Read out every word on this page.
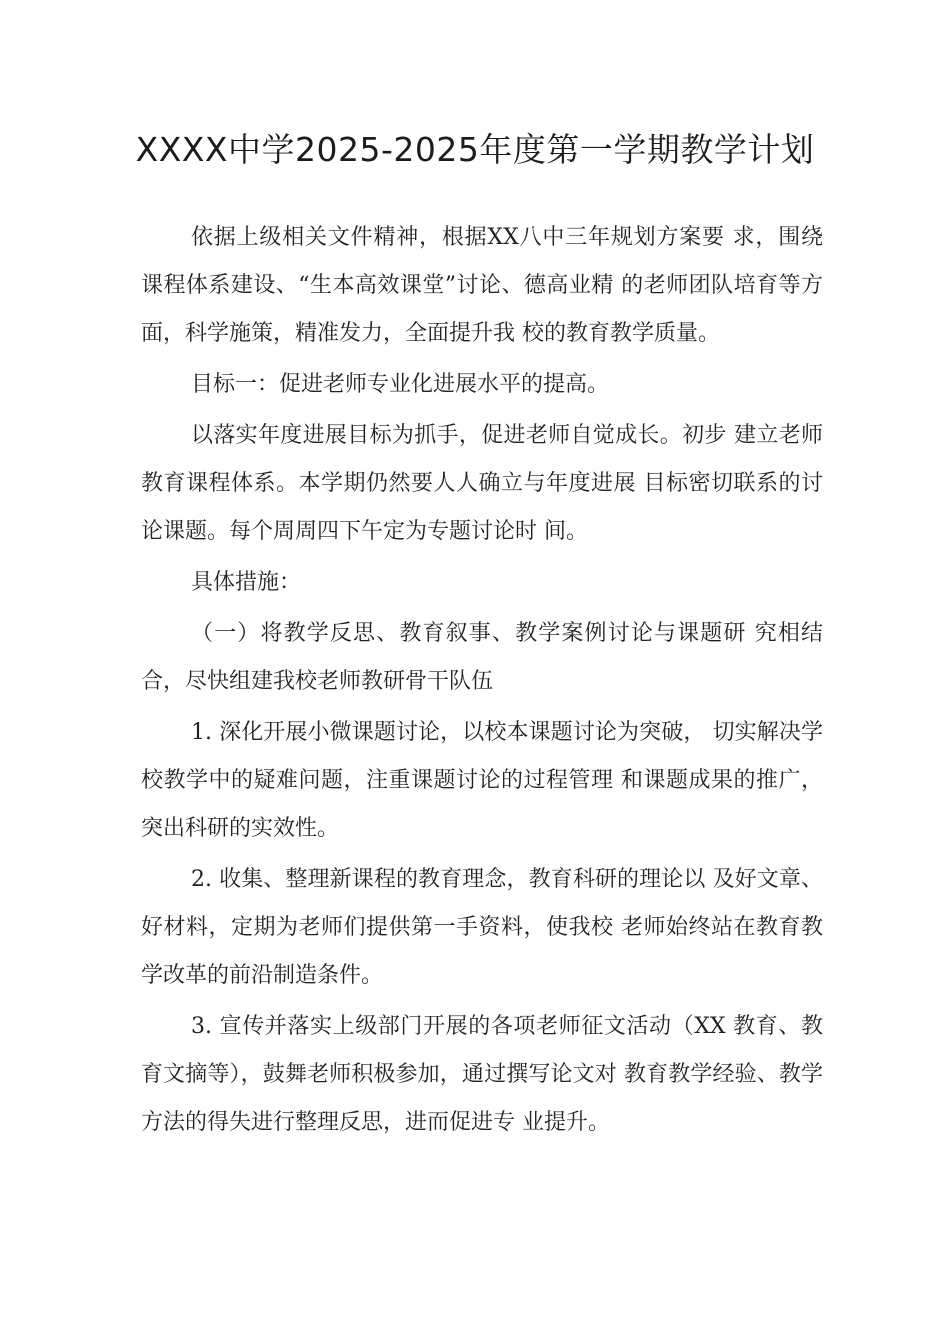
XXXX中学2025-2025年度第一学期教学计划

依据上级相关文件精神，根据XX八中三年规划方案要 求，围绕课程体系建设、“生本高效课堂”讨论、德高业精 的老师团队培育等方面，科学施策，精准发力，全面提升我 校的教育教学质量。

目标一：促进老师专业化进展水平的提高。

以落实年度进展目标为抓手，促进老师自觉成长。初步 建立老师教育课程体系。本学期仍然要人人确立与年度进展 目标密切联系的讨论课题。每个周周四下午定为专题讨论时 间。

具体措施：

（一）将教学反思、教育叙事、教学案例讨论与课题研 究相结合，尽快组建我校老师教研骨干队伍

1. 深化开展小微课题讨论，以校本课题讨论为突破， 切实解决学校教学中的疑难问题，注重课题讨论的过程管理 和课题成果的推广，突出科研的实效性。

2. 收集、整理新课程的教育理念，教育科研的理论以 及好文章、好材料，定期为老师们提供第一手资料，使我校 老师始终站在教育教学改革的前沿制造条件。

3. 宣传并落实上级部门开展的各项老师征文活动（XX 教育、教育文摘等），鼓舞老师积极参加，通过撰写论文对 教育教学经验、教学方法的得失进行整理反思，进而促进专 业提升。
